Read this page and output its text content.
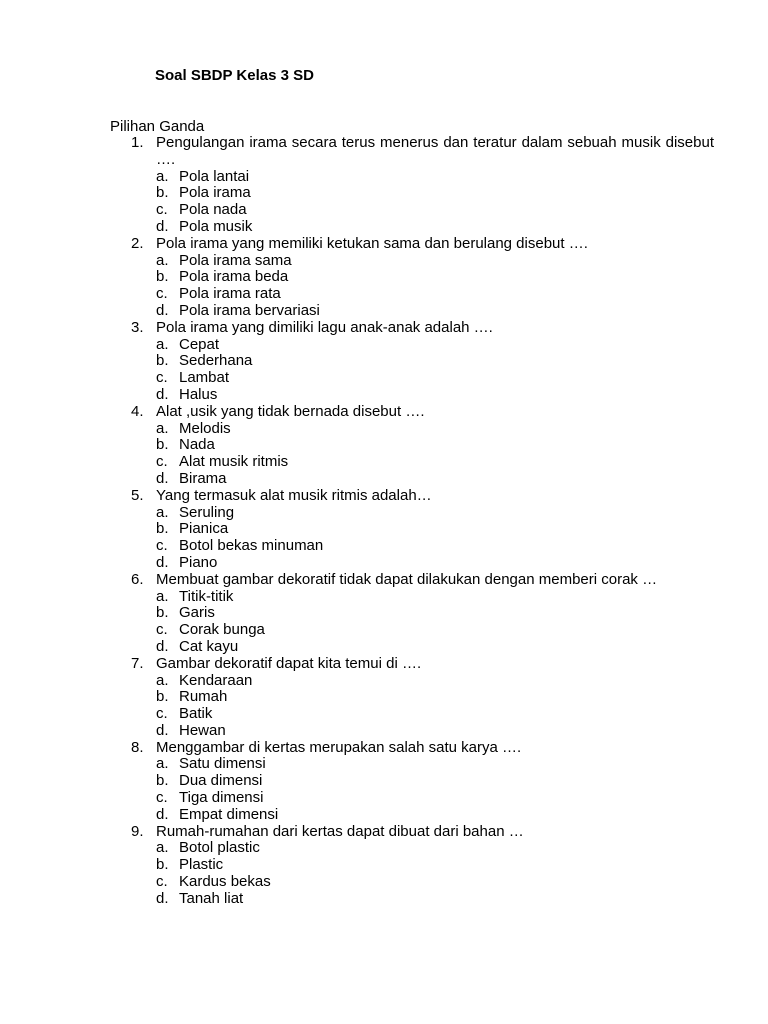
Soal SBDP Kelas 3 SD
Pilihan Ganda
1. Pengulangan irama secara terus menerus dan teratur dalam sebuah musik disebut ….
a. Pola lantai
b. Pola irama
c. Pola nada
d. Pola musik
2. Pola irama yang memiliki ketukan sama dan berulang disebut ….
a. Pola irama sama
b. Pola irama beda
c. Pola irama rata
d. Pola irama bervariasi
3. Pola irama yang dimiliki lagu anak-anak adalah ….
a. Cepat
b. Sederhana
c. Lambat
d. Halus
4. Alat ,usik yang tidak bernada disebut ….
a. Melodis
b. Nada
c. Alat musik ritmis
d. Birama
5. Yang termasuk alat musik ritmis adalah…
a. Seruling
b. Pianica
c. Botol bekas minuman
d. Piano
6. Membuat gambar dekoratif tidak dapat dilakukan dengan memberi corak …
a. Titik-titik
b. Garis
c. Corak bunga
d. Cat kayu
7. Gambar dekoratif dapat kita temui di ….
a. Kendaraan
b. Rumah
c. Batik
d. Hewan
8. Menggambar di kertas merupakan salah satu karya ….
a. Satu dimensi
b. Dua dimensi
c. Tiga dimensi
d. Empat dimensi
9. Rumah-rumahan dari kertas dapat dibuat dari bahan …
a. Botol plastic
b. Plastic
c. Kardus bekas
d. Tanah liat
